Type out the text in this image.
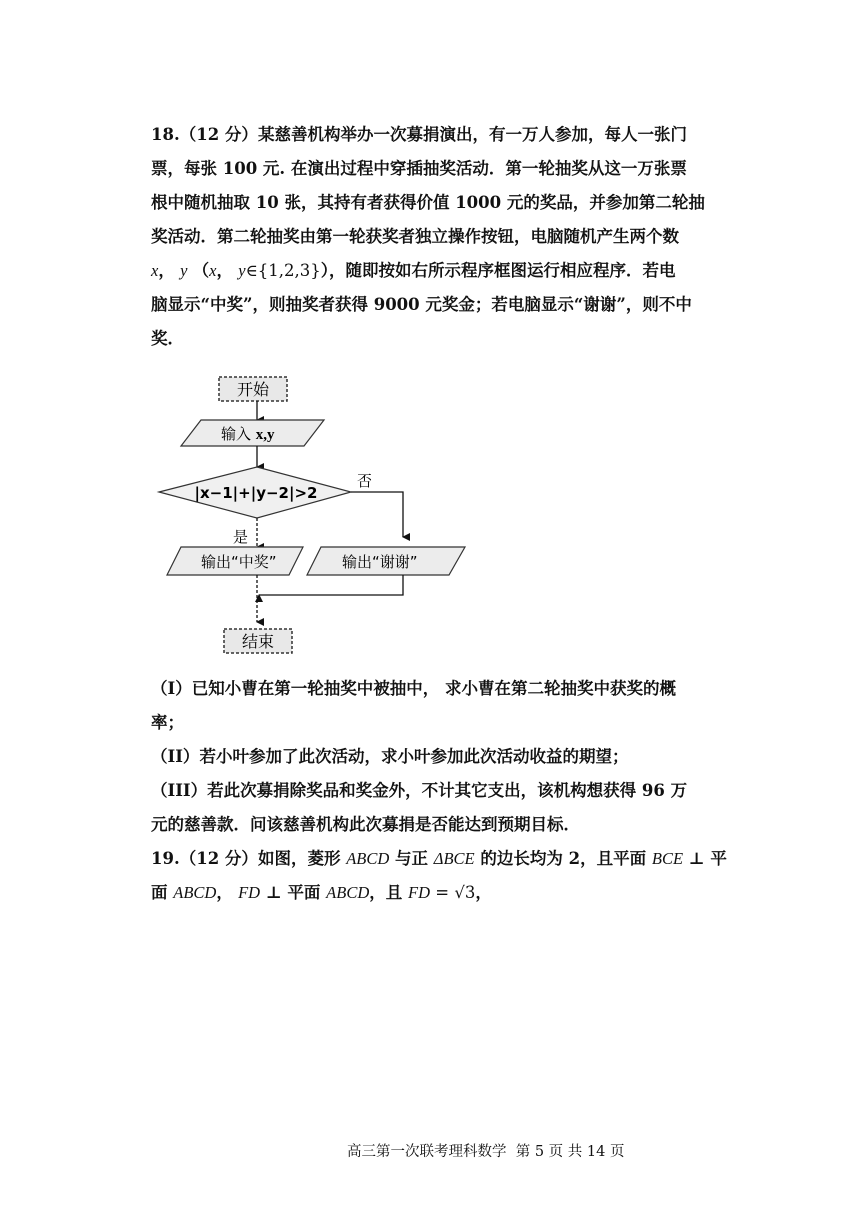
18.（12 分）某慈善机构举办一次募捐演出，有一万人参加，每人一张门
票，每张 100 元. 在演出过程中穿插抽奖活动．第一轮抽奖从这一万张票
根中随机抽取 10 张，其持有者获得价值 1000 元的奖品，并参加第二轮抽
奖活动．第二轮抽奖由第一轮获奖者独立操作按钮，电脑随机产生两个数
x， y （x， y∈{1,2,3}），随即按如右所示程序框图运行相应程序．若电
脑显示“中奖”，则抽奖者获得 9000 元奖金；若电脑显示“谢谢”，则不中
奖．
开始
输入 x,y
|x−1|+|y−2|>2
否
是
输出“中奖”	输出“谢谢”
结束
（I）已知小曹在第一轮抽奖中被抽中， 求小曹在第二轮抽奖中获奖的概
率；
（II）若小叶参加了此次活动，求小叶参加此次活动收益的期望；
（III）若此次募捐除奖品和奖金外，不计其它支出，该机构想获得 96 万
元的慈善款．问该慈善机构此次募捐是否能达到预期目标．
19.（12 分）如图，菱形 ABCD 与正 ΔBCE 的边长均为 2，且平面 BCE ⊥ 平
面 ABCD， FD ⊥ 平面 ABCD，且 FD = √3，
高三第一次联考理科数学 第 5 页 共 14 页
